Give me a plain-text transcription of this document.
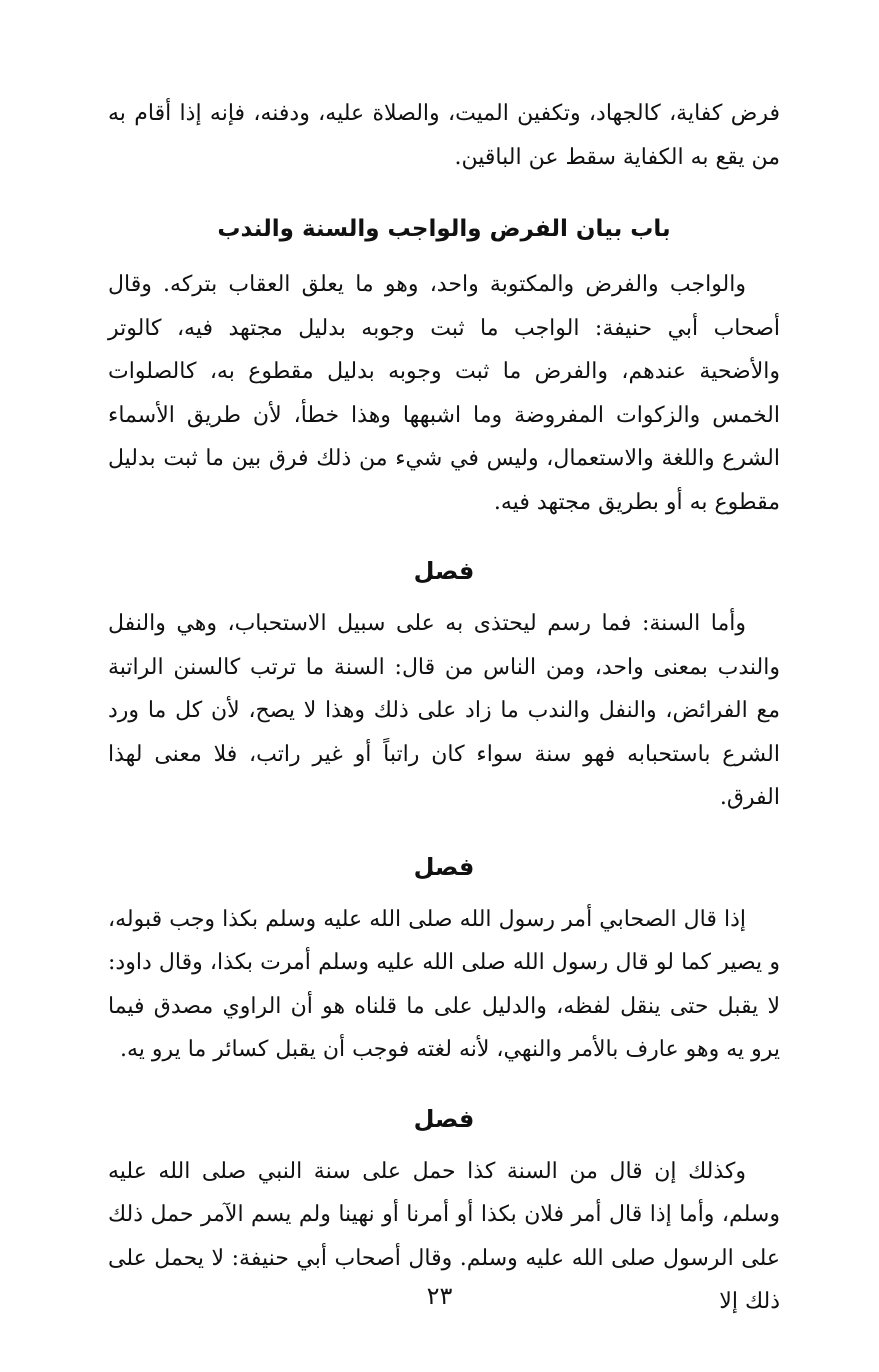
فرض كفاية، كالجهاد، وتكفين الميت، والصلاة عليه، ودفنه، فإنه إذا أقام به من يقع به الكفاية سقط عن الباقين.

باب بيان الفرض والواجب والسنة والندب

والواجب والفرض والمكتوبة واحد، وهو ما يعلق العقاب بتركه. وقال أصحاب أبي حنيفة: الواجب ما ثبت وجوبه بدليل مجتهد فيه، كالوتر والأضحية عندهم، والفرض ما ثبت وجوبه بدليل مقطوع به، كالصلوات الخمس والزكوات المفروضة وما اشبهها وهذا خطأ، لأن طريق الأسماء الشرع واللغة والاستعمال، وليس في شيء من ذلك فرق بين ما ثبت بدليل مقطوع به أو بطريق مجتهد فيه.

فصل

وأما السنة: فما رسم ليحتذى به على سبيل الاستحباب، وهي والنفل والندب بمعنى واحد، ومن الناس من قال: السنة ما ترتب كالسنن الراتبة مع الفرائض، والنفل والندب ما زاد على ذلك وهذا لا يصح، لأن كل ما ورد الشرع باستحبابه فهو سنة سواء كان راتباً أو غير راتب، فلا معنى لهذا الفرق.

فصل

إذا قال الصحابي أمر رسول الله صلى الله عليه وسلم بكذا وجب قبوله، و يصير كما لو قال رسول الله صلى الله عليه وسلم أمرت بكذا، وقال داود: لا يقبل حتى ينقل لفظه، والدليل على ما قلناه هو أن الراوي مصدق فيما يرو يه وهو عارف بالأمر والنهي، لأنه لغته فوجب أن يقبل كسائر ما يرو يه.

فصل

وكذلك إن قال من السنة كذا حمل على سنة النبي صلى الله عليه وسلم، وأما إذا قال أمر فلان بكذا أو أمرنا أو نهينا ولم يسم الآمر حمل ذلك على الرسول صلى الله عليه وسلم. وقال أصحاب أبي حنيفة: لا يحمل على ذلك إلا

٢٣
